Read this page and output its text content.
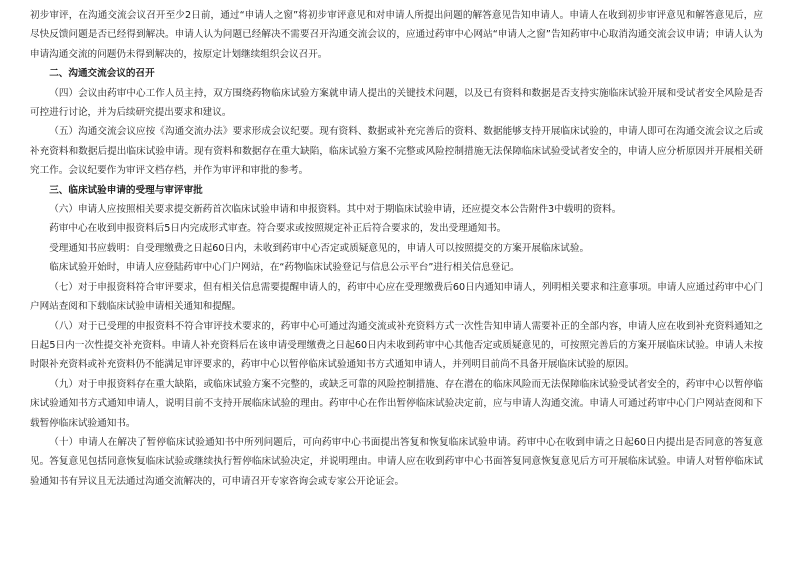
初步审评，在沟通交流会议召开至少2日前，通过“申请人之窗”将初步审评意见和对申请人所提出问题的解答意见告知申请人。申请人在收到初步审评意见和解答意见后，应尽快反馈问题是否已经得到解决。申请人认为问题已经解决不需要召开沟通交流会议的，应通过药审中心网站“申请人之窗”告知药审中心取消沟通交流会议申请；申请人认为申请沟通交流的问题仍未得到解决的，按原定计划继续组织会议召开。

二、沟通交流会议的召开

（四）会议由药审中心工作人员主持，双方围绕药物临床试验方案就申请人提出的关键技术问题，以及已有资料和数据是否支持实施临床试验开展和受试者安全风险是否可控进行讨论，并为后续研究提出要求和建议。

（五）沟通交流会议应按《沟通交流办法》要求形成会议纪要。现有资料、数据或补充完善后的资料、数据能够支持开展临床试验的，申请人即可在沟通交流会议之后或补充资料和数据后提出临床试验申请。现有资料和数据存在重大缺陷，临床试验方案不完整或风险控制措施无法保障临床试验受试者安全的，申请人应分析原因并开展相关研究工作。会议纪要作为审评文档存档，并作为审评和审批的参考。

三、临床试验申请的受理与审评审批

（六）申请人应按照相关要求提交新药首次临床试验申请和申报资料。其中对于期临床试验申请，还应提交本公告附件3中载明的资料。

药审中心在收到申报资料后5日内完成形式审查。符合要求或按照规定补正后符合要求的，发出受理通知书。

受理通知书应载明：自受理缴费之日起60日内，未收到药审中心否定或质疑意见的，申请人可以按照提交的方案开展临床试验。

临床试验开始时，申请人应登陆药审中心门户网站，在“药物临床试验登记与信息公示平台”进行相关信息登记。

（七）对于申报资料符合审评要求，但有相关信息需要提醒申请人的，药审中心应在受理缴费后60日内通知申请人，列明相关要求和注意事项。申请人应通过药审中心门户网站查阅和下载临床试验申请相关通知和提醒。

（八）对于已受理的申报资料不符合审评技术要求的，药审中心可通过沟通交流或补充资料方式一次性告知申请人需要补正的全部内容，申请人应在收到补充资料通知之日起5日内一次性提交补充资料。申请人补充资料后在该申请受理缴费之日起60日内未收到药审中心其他否定或质疑意见的，可按照完善后的方案开展临床试验。申请人未按时限补充资料或补充资料仍不能满足审评要求的，药审中心以暂停临床试验通知书方式通知申请人，并列明目前尚不具备开展临床试验的原因。

（九）对于申报资料存在重大缺陷，或临床试验方案不完整的，或缺乏可靠的风险控制措施、存在潜在的临床风险而无法保障临床试验受试者安全的，药审中心以暂停临床试验通知书方式通知申请人，说明目前不支持开展临床试验的理由。药审中心在作出暂停临床试验决定前，应与申请人沟通交流。申请人可通过药审中心门户网站查阅和下载暂停临床试验通知书。

（十）申请人在解决了暂停临床试验通知书中所列问题后，可向药审中心书面提出答复和恢复临床试验申请。药审中心在收到申请之日起60日内提出是否同意的答复意见。答复意见包括同意恢复临床试验或继续执行暂停临床试验决定，并说明理由。申请人应在收到药审中心书面答复同意恢复意见后方可开展临床试验。申请人对暂停临床试验通知书有异议且无法通过沟通交流解决的，可申请召开专家咨询会或专家公开论证会。
